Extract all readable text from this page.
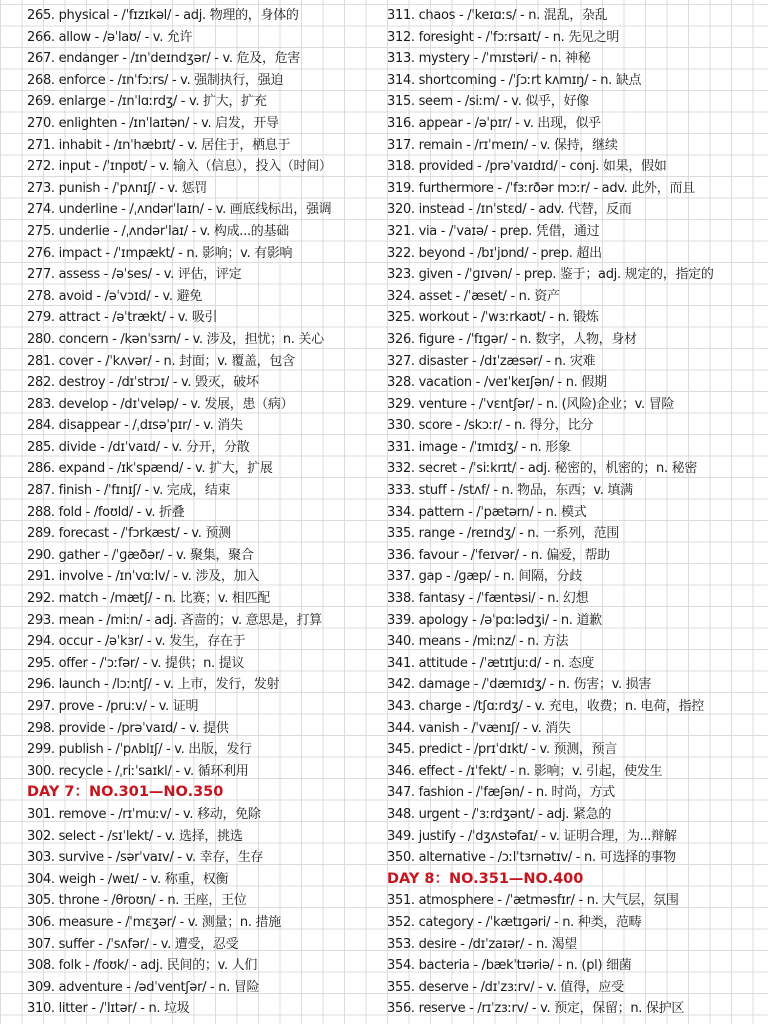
265. physical - /ˈfɪzɪkəl/ - adj. 物理的，身体的
266. allow - /əˈlaʊ/ - v. 允许
267. endanger - /ɪnˈdeɪndʒər/ - v. 危及，危害
268. enforce - /ɪnˈfɔːrs/ - v. 强制执行，强迫
269. enlarge - /ɪnˈlɑːrdʒ/ - v. 扩大，扩充
270. enlighten - /ɪnˈlaɪtən/ - v. 启发，开导
271. inhabit - /ɪnˈhæbɪt/ - v. 居住于，栖息于
272. input - /ˈɪnpʊt/ - v. 输入（信息），投入（时间）
273. punish - /ˈpʌnɪʃ/ - v. 惩罚
274. underline - /ˌʌndərˈlaɪn/ - v. 画底线标出，强调
275. underlie - /ˌʌndərˈlaɪ/ - v. 构成...的基础
276. impact - /ˈɪmpækt/ - n. 影响；v. 有影响
277. assess - /əˈses/ - v. 评估，评定
278. avoid - /əˈvɔɪd/ - v. 避免
279. attract - /əˈtrækt/ - v. 吸引
280. concern - /kənˈsɜrn/ - v. 涉及，担忧；n. 关心
281. cover - /ˈkʌvər/ - n. 封面；v. 覆盖，包含
282. destroy - /dɪˈstrɔɪ/ - v. 毁灭，破坏
283. develop - /dɪˈveləp/ - v. 发展，患（病）
284. disappear - /ˌdɪsəˈpɪr/ - v. 消失
285. divide - /dɪˈvaɪd/ - v. 分开，分散
286. expand - /ɪkˈspænd/ - v. 扩大，扩展
287. finish - /ˈfɪnɪʃ/ - v. 完成，结束
288. fold - /foʊld/ - v. 折叠
289. forecast - /ˈfɔrkæst/ - v. 预测
290. gather - /ˈɡæðər/ - v. 聚集，聚合
291. involve - /ɪnˈvɑːlv/ - v. 涉及，加入
292. match - /mætʃ/ - n. 比赛；v. 相匹配
293. mean - /miːn/ - adj. 吝啬的；v. 意思是，打算
294. occur - /əˈkɜr/ - v. 发生，存在于
295. offer - /ˈɔːfər/ - v. 提供；n. 提议
296. launch - /lɔːntʃ/ - v. 上市，发行，发射
297. prove - /pruːv/ - v. 证明
298. provide - /prəˈvaɪd/ - v. 提供
299. publish - /ˈpʌblɪʃ/ - v. 出版，发行
300. recycle - /ˌriːˈsaɪkl/ - v. 循环利用
DAY 7：NO.301—NO.350
301. remove - /rɪˈmuːv/ - v. 移动，免除
302. select - /sɪˈlekt/ - v. 选择，挑选
303. survive - /sərˈvaɪv/ - v. 幸存，生存
304. weigh - /weɪ/ - v. 称重，权衡
305. throne - /θroʊn/ - n. 王座，王位
306. measure - /ˈmɛʒər/ - v. 测量；n. 措施
307. suffer - /ˈsʌfər/ - v. 遭受，忍受
308. folk - /foʊk/ - adj. 民间的；v. 人们
309. adventure - /ədˈventʃər/ - n. 冒险
310. litter - /ˈlɪtər/ - n. 垃圾
311. chaos - /ˈkeɪɑːs/ - n. 混乱，杂乱
312. foresight - /ˈfɔːrsaɪt/ - n. 先见之明
313. mystery - /ˈmɪstəri/ - n. 神秘
314. shortcoming - /ˈʃɔːrt kʌmɪŋ/ - n. 缺点
315. seem - /siːm/ - v. 似乎，好像
316. appear - /əˈpɪr/ - v. 出现，似乎
317. remain - /rɪˈmeɪn/ - v. 保持，继续
318. provided - /prəˈvaɪdɪd/ - conj. 如果，假如
319. furthermore - /ˈfɜːrðər mɔːr/ - adv. 此外，而且
320. instead - /ɪnˈstɛd/ - adv. 代替，反而
321. via - /ˈvaɪə/ - prep. 凭借，通过
322. beyond - /bɪˈjɒnd/ - prep. 超出
323. given - /ˈɡɪvən/ - prep. 鉴于；adj. 规定的，指定的
324. asset - /ˈæset/ - n. 资产
325. workout - /ˈwɜːrkaʊt/ - n. 锻炼
326. figure - /ˈfɪɡər/ - n. 数字，人物，身材
327. disaster - /dɪˈzæsər/ - n. 灾难
328. vacation - /veɪˈkeɪʃən/ - n. 假期
329. venture - /ˈvɛntʃər/ - n. (风险)企业；v. 冒险
330. score - /skɔːr/ - n. 得分，比分
331. image - /ˈɪmɪdʒ/ - n. 形象
332. secret - /ˈsiːkrɪt/ - adj. 秘密的，机密的；n. 秘密
333. stuff - /stʌf/ - n. 物品，东西；v. 填满
334. pattern - /ˈpætərn/ - n. 模式
335. range - /reɪndʒ/ - n. 一系列，范围
336. favour - /ˈfeɪvər/ - n. 偏爱，帮助
337. gap - /ɡæp/ - n. 间隔，分歧
338. fantasy - /ˈfæntəsi/ - n. 幻想
339. apology - /əˈpɑːlədʒi/ - n. 道歉
340. means - /miːnz/ - n. 方法
341. attitude - /ˈætɪtjuːd/ - n. 态度
342. damage - /ˈdæmɪdʒ/ - n. 伤害；v. 损害
343. charge - /tʃɑːrdʒ/ - v. 充电，收费；n. 电荷，指控
344. vanish - /ˈvænɪʃ/ - v. 消失
345. predict - /prɪˈdɪkt/ - v. 预测，预言
346. effect - /ɪˈfekt/ - n. 影响；v. 引起，使发生
347. fashion - /ˈfæʃən/ - n. 时尚，方式
348. urgent - /ˈɜːrdʒənt/ - adj. 紧急的
349. justify - /ˈdʒʌstəfaɪ/ - v. 证明合理，为...辩解
350. alternative - /ɔːlˈtɜrnətɪv/ - n. 可选择的事物
DAY 8：NO.351—NO.400
351. atmosphere - /ˈætməsfɪr/ - n. 大气层，氛围
352. category - /ˈkætɪɡəri/ - n. 种类，范畴
353. desire - /dɪˈzaɪər/ - n. 渴望
354. bacteria - /bækˈtɪəriə/ - n. (pl) 细菌
355. deserve - /dɪˈzɜːrv/ - v. 值得，应受
356. reserve - /rɪˈzɜːrv/ - v. 预定，保留；n. 保护区
